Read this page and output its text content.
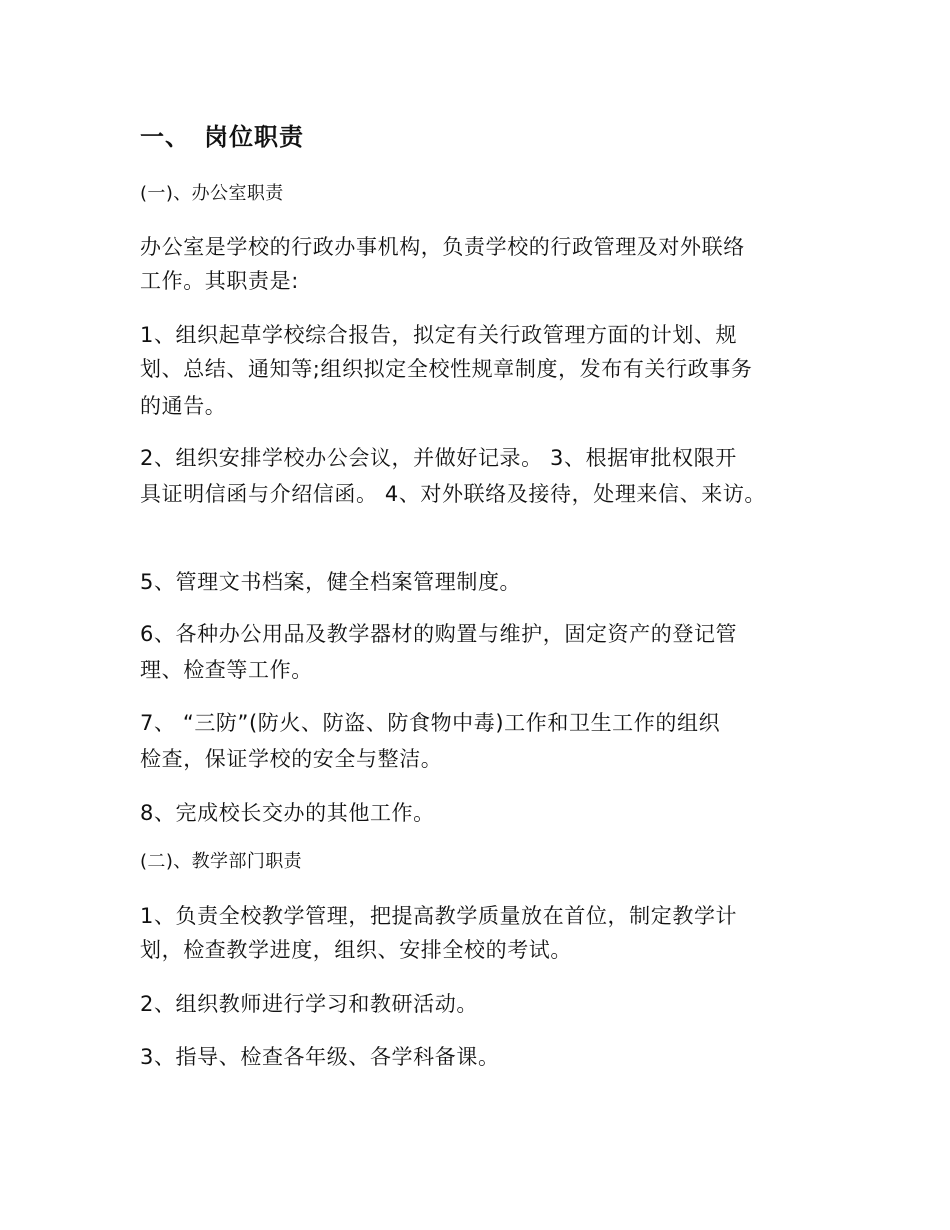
一、 岗位职责

(一)、办公室职责

办公室是学校的行政办事机构，负责学校的行政管理及对外联络

工作。其职责是:

1、组织起草学校综合报告，拟定有关行政管理方面的计划、规

划、总结、通知等;组织拟定全校性规章制度，发布有关行政事务

的通告。

2、组织安排学校办公会议，并做好记录。 3、根据审批权限开

具证明信函与介绍信函。 4、对外联络及接待，处理来信、来访。

5、管理文书档案，健全档案管理制度。

6、各种办公用品及教学器材的购置与维护，固定资产的登记管

理、检查等工作。

7、 “三防”(防火、防盗、防食物中毒)工作和卫生工作的组织

检查，保证学校的安全与整洁。

8、完成校长交办的其他工作。

(二)、教学部门职责

1、负责全校教学管理，把提高教学质量放在首位，制定教学计

划，检查教学进度，组织、安排全校的考试。

2、组织教师进行学习和教研活动。

3、指导、检查各年级、各学科备课。
